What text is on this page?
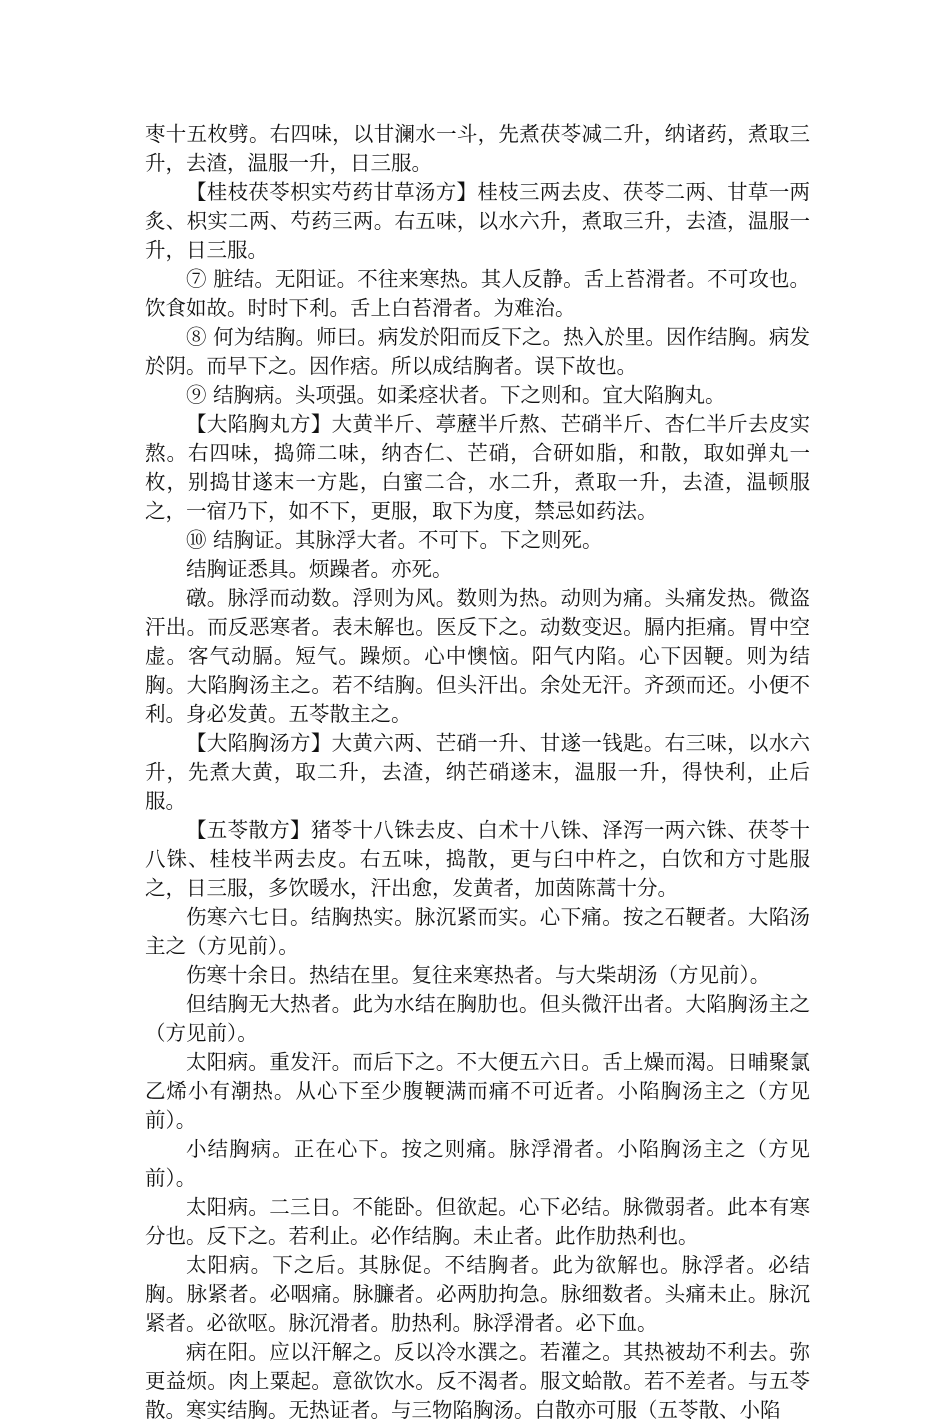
枣十五枚劈。右四味，以甘澜水一斗，先煮茯苓减二升，纳诸药，煮取三升，去渣，温服一升，日三服。

【桂枝茯苓枳实芍药甘草汤方】桂枝三两去皮、茯苓二两、甘草一两炙、枳实二两、芍药三两。右五味，以水六升，煮取三升，去渣，温服一升，日三服。

⑦ 脏结。无阳证。不往来寒热。其人反静。舌上苔滑者。不可攻也。饮食如故。时时下利。舌上白苔滑者。为难治。

⑧ 何为结胸。师曰。病发於阳而反下之。热入於里。因作结胸。病发於阴。而早下之。因作痞。所以成结胸者。误下故也。

⑨ 结胸病。头项强。如柔痉状者。下之则和。宜大陷胸丸。

【大陷胸丸方】大黄半斤、葶藶半斤熬、芒硝半斤、杏仁半斤去皮实熬。右四味，捣筛二味，纳杏仁、芒硝，合研如脂，和散，取如弹丸一枚，别捣甘遂末一方匙，白蜜二合，水二升，煮取一升，去渣，温顿服之，一宿乃下，如不下，更服，取下为度，禁忌如药法。

⑩ 结胸证。其脉浮大者。不可下。下之则死。

结胸证悉具。烦躁者。亦死。

礅。脉浮而动数。浮则为风。数则为热。动则为痛。头痛发热。微盗汗出。而反恶寒者。表未解也。医反下之。动数变迟。膈内拒痛。胃中空虚。客气动膈。短气。躁烦。心中懊恼。阳气内陷。心下因鞕。则为结胸。大陷胸汤主之。若不结胸。但头汗出。余处无汗。齐颈而还。小便不利。身必发黄。五苓散主之。

【大陷胸汤方】大黄六两、芒硝一升、甘遂一钱匙。右三味，以水六升，先煮大黄，取二升，去渣，纳芒硝遂末，温服一升，得快利，止后服。

【五苓散方】猪苓十八铢去皮、白术十八铢、泽泻一两六铢、茯苓十八铢、桂枝半两去皮。右五味，捣散，更与臼中杵之，白饮和方寸匙服之，日三服，多饮暖水，汗出愈，发黄者，加茵陈蒿十分。

伤寒六七日。结胸热实。脉沉紧而实。心下痛。按之石鞕者。大陷汤主之（方见前）。

伤寒十余日。热结在里。复往来寒热者。与大柴胡汤（方见前）。

但结胸无大热者。此为水结在胸肋也。但头微汗出者。大陷胸汤主之（方见前）。

太阳病。重发汗。而后下之。不大便五六日。舌上燥而渴。日晡聚氯乙烯小有潮热。从心下至少腹鞕满而痛不可近者。小陷胸汤主之（方见前）。

小结胸病。正在心下。按之则痛。脉浮滑者。小陷胸汤主之（方见前）。

太阳病。二三日。不能卧。但欲起。心下必结。脉微弱者。此本有寒分也。反下之。若利止。必作结胸。未止者。此作肋热利也。

太阳病。下之后。其脉促。不结胸者。此为欲解也。脉浮者。必结胸。脉紧者。必咽痛。脉臁者。必两肋拘急。脉细数者。头痛未止。脉沉紧者。必欲呕。脉沉滑者。肋热利。脉浮滑者。必下血。

病在阳。应以汗解之。反以冷水潠之。若灌之。其热被劫不利去。弥更益烦。肉上粟起。意欲饮水。反不渴者。服文蛤散。若不差者。与五苓散。寒实结胸。无热证者。与三物陷胸汤。白散亦可服（五苓散、小陷
